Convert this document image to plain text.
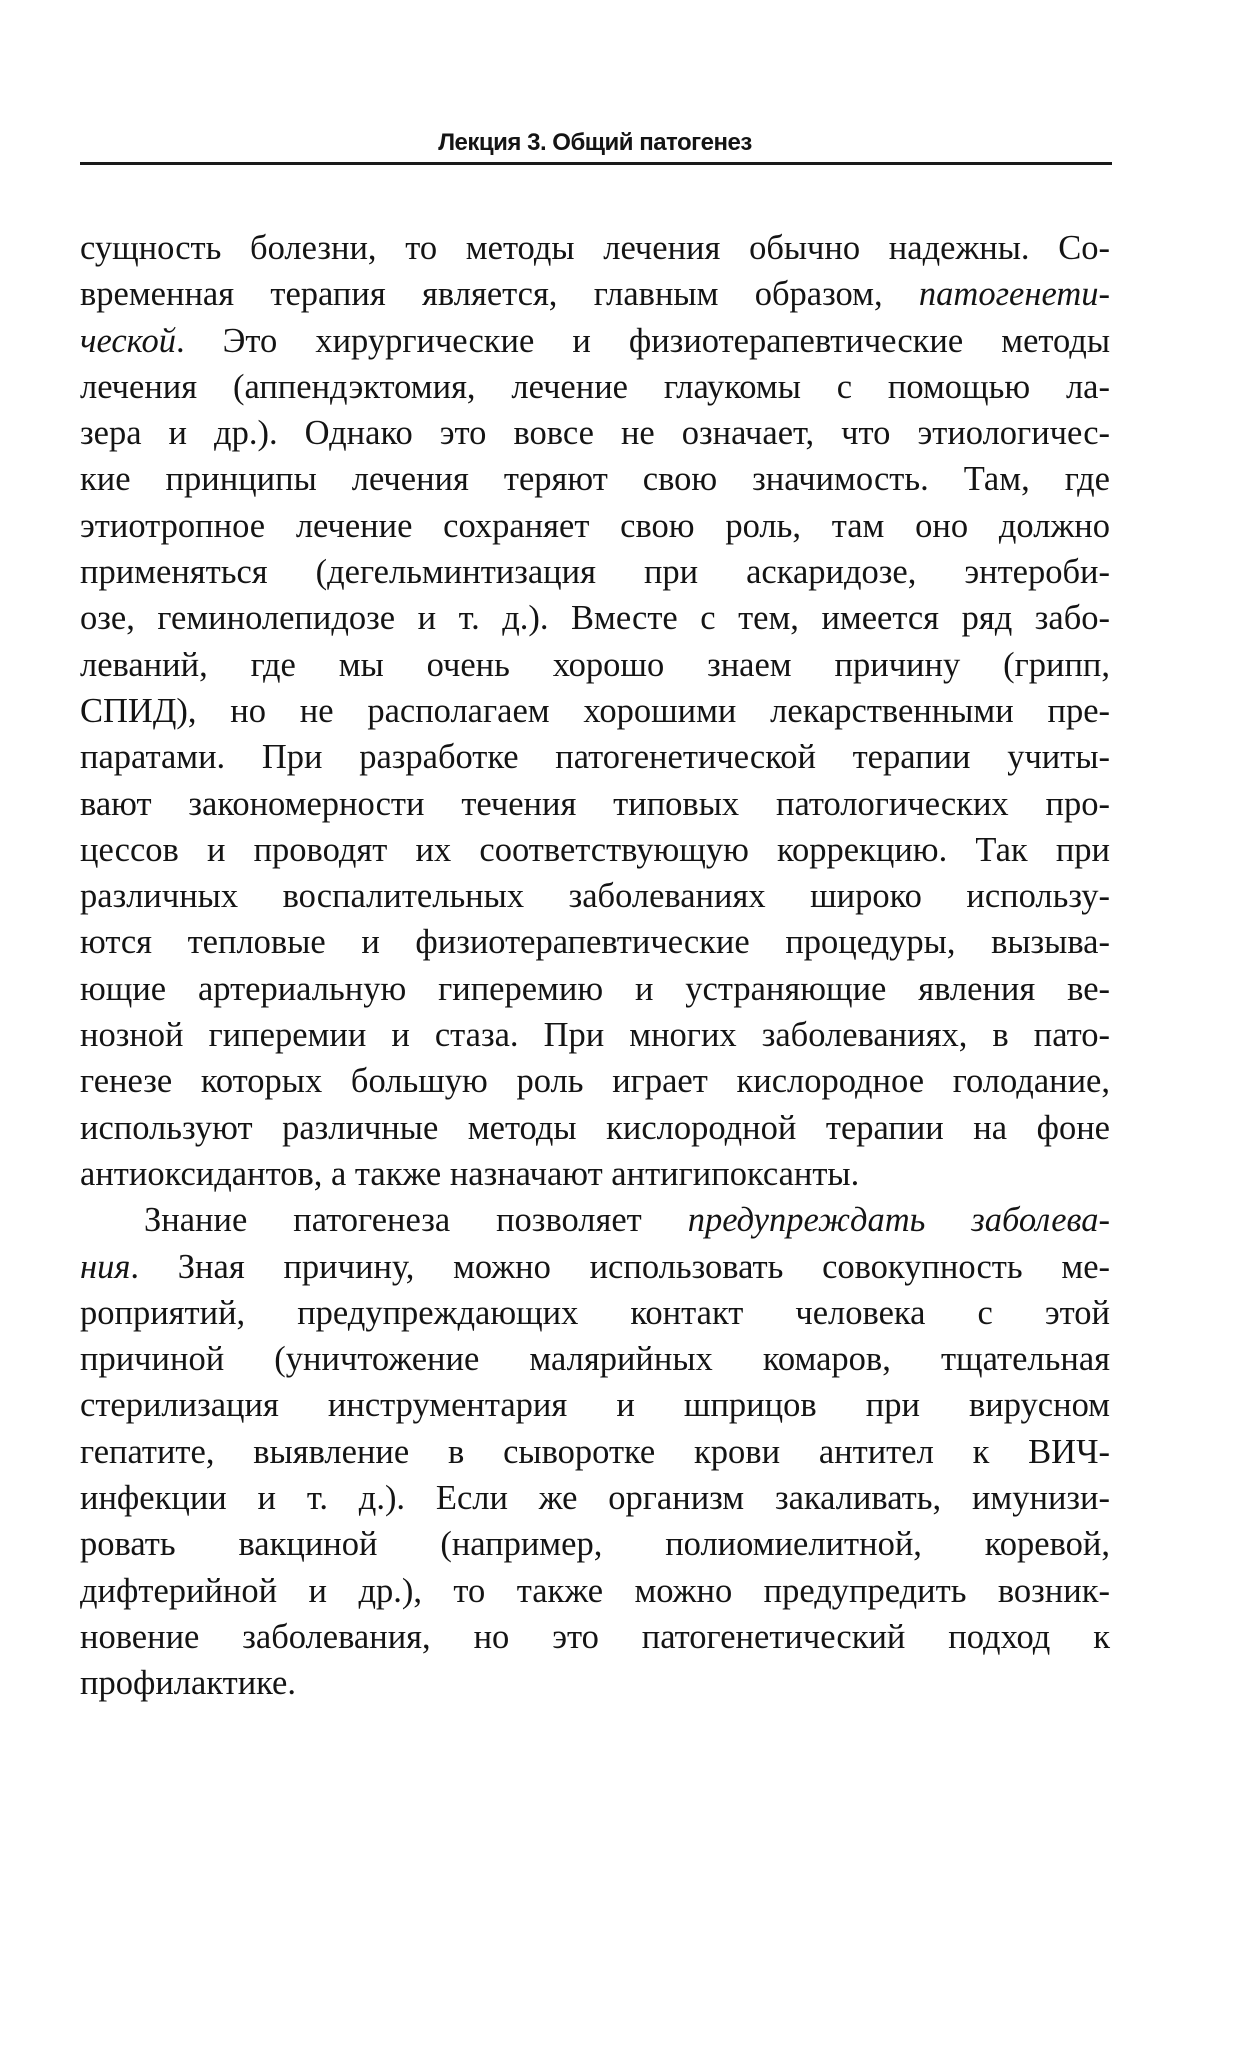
Лекция 3. Общий патогенез
сущность болезни, то методы лечения обычно надежны. Со-
временная терапия является, главным образом, патогенети-
ческой. Это хирургические и физиотерапевтические методы
лечения (аппендэктомия, лечение глаукомы с помощью ла-
зера и др.). Однако это вовсе не означает, что этиологичес-
кие принципы лечения теряют свою значимость. Там, где
этиотропное лечение сохраняет свою роль, там оно должно
применяться (дегельминтизация при аскаридозе, энтероби-
озе, геминолепидозе и т. д.). Вместе с тем, имеется ряд забо-
леваний, где мы очень хорошо знаем причину (грипп,
СПИД), но не располагаем хорошими лекарственными пре-
паратами. При разработке патогенетической терапии учиты-
вают закономерности течения типовых патологических про-
цессов и проводят их соответствующую коррекцию. Так при
различных воспалительных заболеваниях широко использу-
ются тепловые и физиотерапевтические процедуры, вызыва-
ющие артериальную гиперемию и устраняющие явления ве-
нозной гиперемии и стаза. При многих заболеваниях, в пато-
генезе которых большую роль играет кислородное голодание,
используют различные методы кислородной терапии на фоне
антиоксидантов, а также назначают антигипоксанты.
Знание патогенеза позволяет предупреждать заболева-
ния. Зная причину, можно использовать совокупность ме-
роприятий, предупреждающих контакт человека с этой
причиной (уничтожение малярийных комаров, тщательная
стерилизация инструментария и шприцов при вирусном
гепатите, выявление в сыворотке крови антител к ВИЧ-
инфекции и т. д.). Если же организм закаливать, имунизи-
ровать вакциной (например, полиомиелитной, коревой,
дифтерийной и др.), то также можно предупредить возник-
новение заболевания, но это патогенетический подход к
профилактике.
